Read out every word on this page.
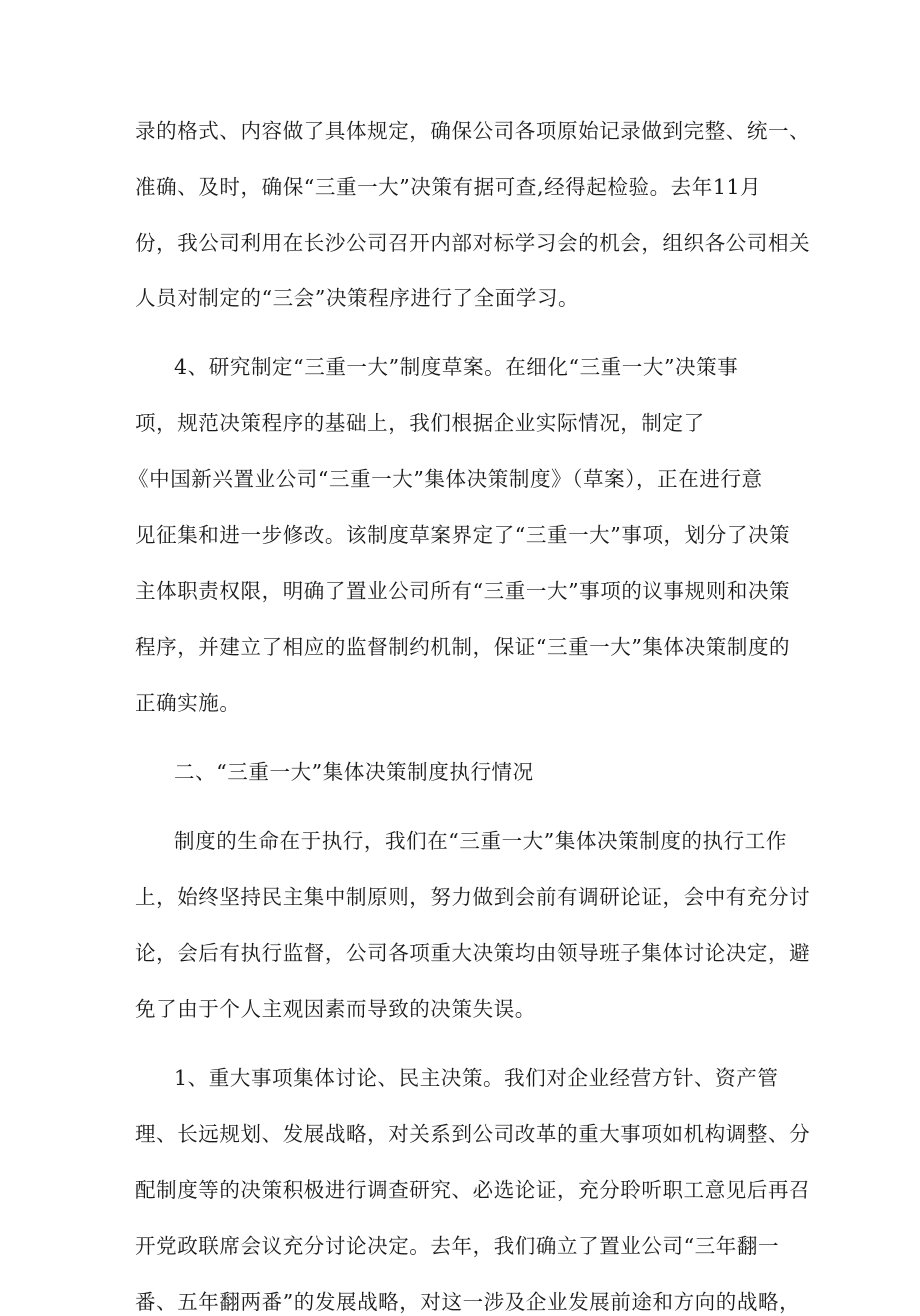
录的格式、内容做了具体规定，确保公司各项原始记录做到完整、统一、
准确、及时，确保“三重一大”决策有据可查,经得起检验。去年11月
份，我公司利用在长沙公司召开内部对标学习会的机会，组织各公司相关
人员对制定的“三会”决策程序进行了全面学习。
4、研究制定“三重一大”制度草案。在细化“三重一大”决策事
项，规范决策程序的基础上，我们根据企业实际情况，制定了
《中国新兴置业公司“三重一大”集体决策制度》（草案），正在进行意
见征集和进一步修改。该制度草案界定了“三重一大”事项，划分了决策
主体职责权限，明确了置业公司所有“三重一大”事项的议事规则和决策
程序，并建立了相应的监督制约机制，保证“三重一大”集体决策制度的
正确实施。
二、“三重一大”集体决策制度执行情况
制度的生命在于执行，我们在“三重一大”集体决策制度的执行工作
上，始终坚持民主集中制原则，努力做到会前有调研论证，会中有充分讨
论，会后有执行监督，公司各项重大决策均由领导班子集体讨论决定，避
免了由于个人主观因素而导致的决策失误。
1、重大事项集体讨论、民主决策。我们对企业经营方针、资产管
理、长远规划、发展战略，对关系到公司改革的重大事项如机构调整、分
配制度等的决策积极进行调查研究、必选论证，充分聆听职工意见后再召
开党政联席会议充分讨论决定。去年，我们确立了置业公司“三年翻一
番、五年翻两番”的发展战略，对这一涉及企业发展前途和方向的战略，
